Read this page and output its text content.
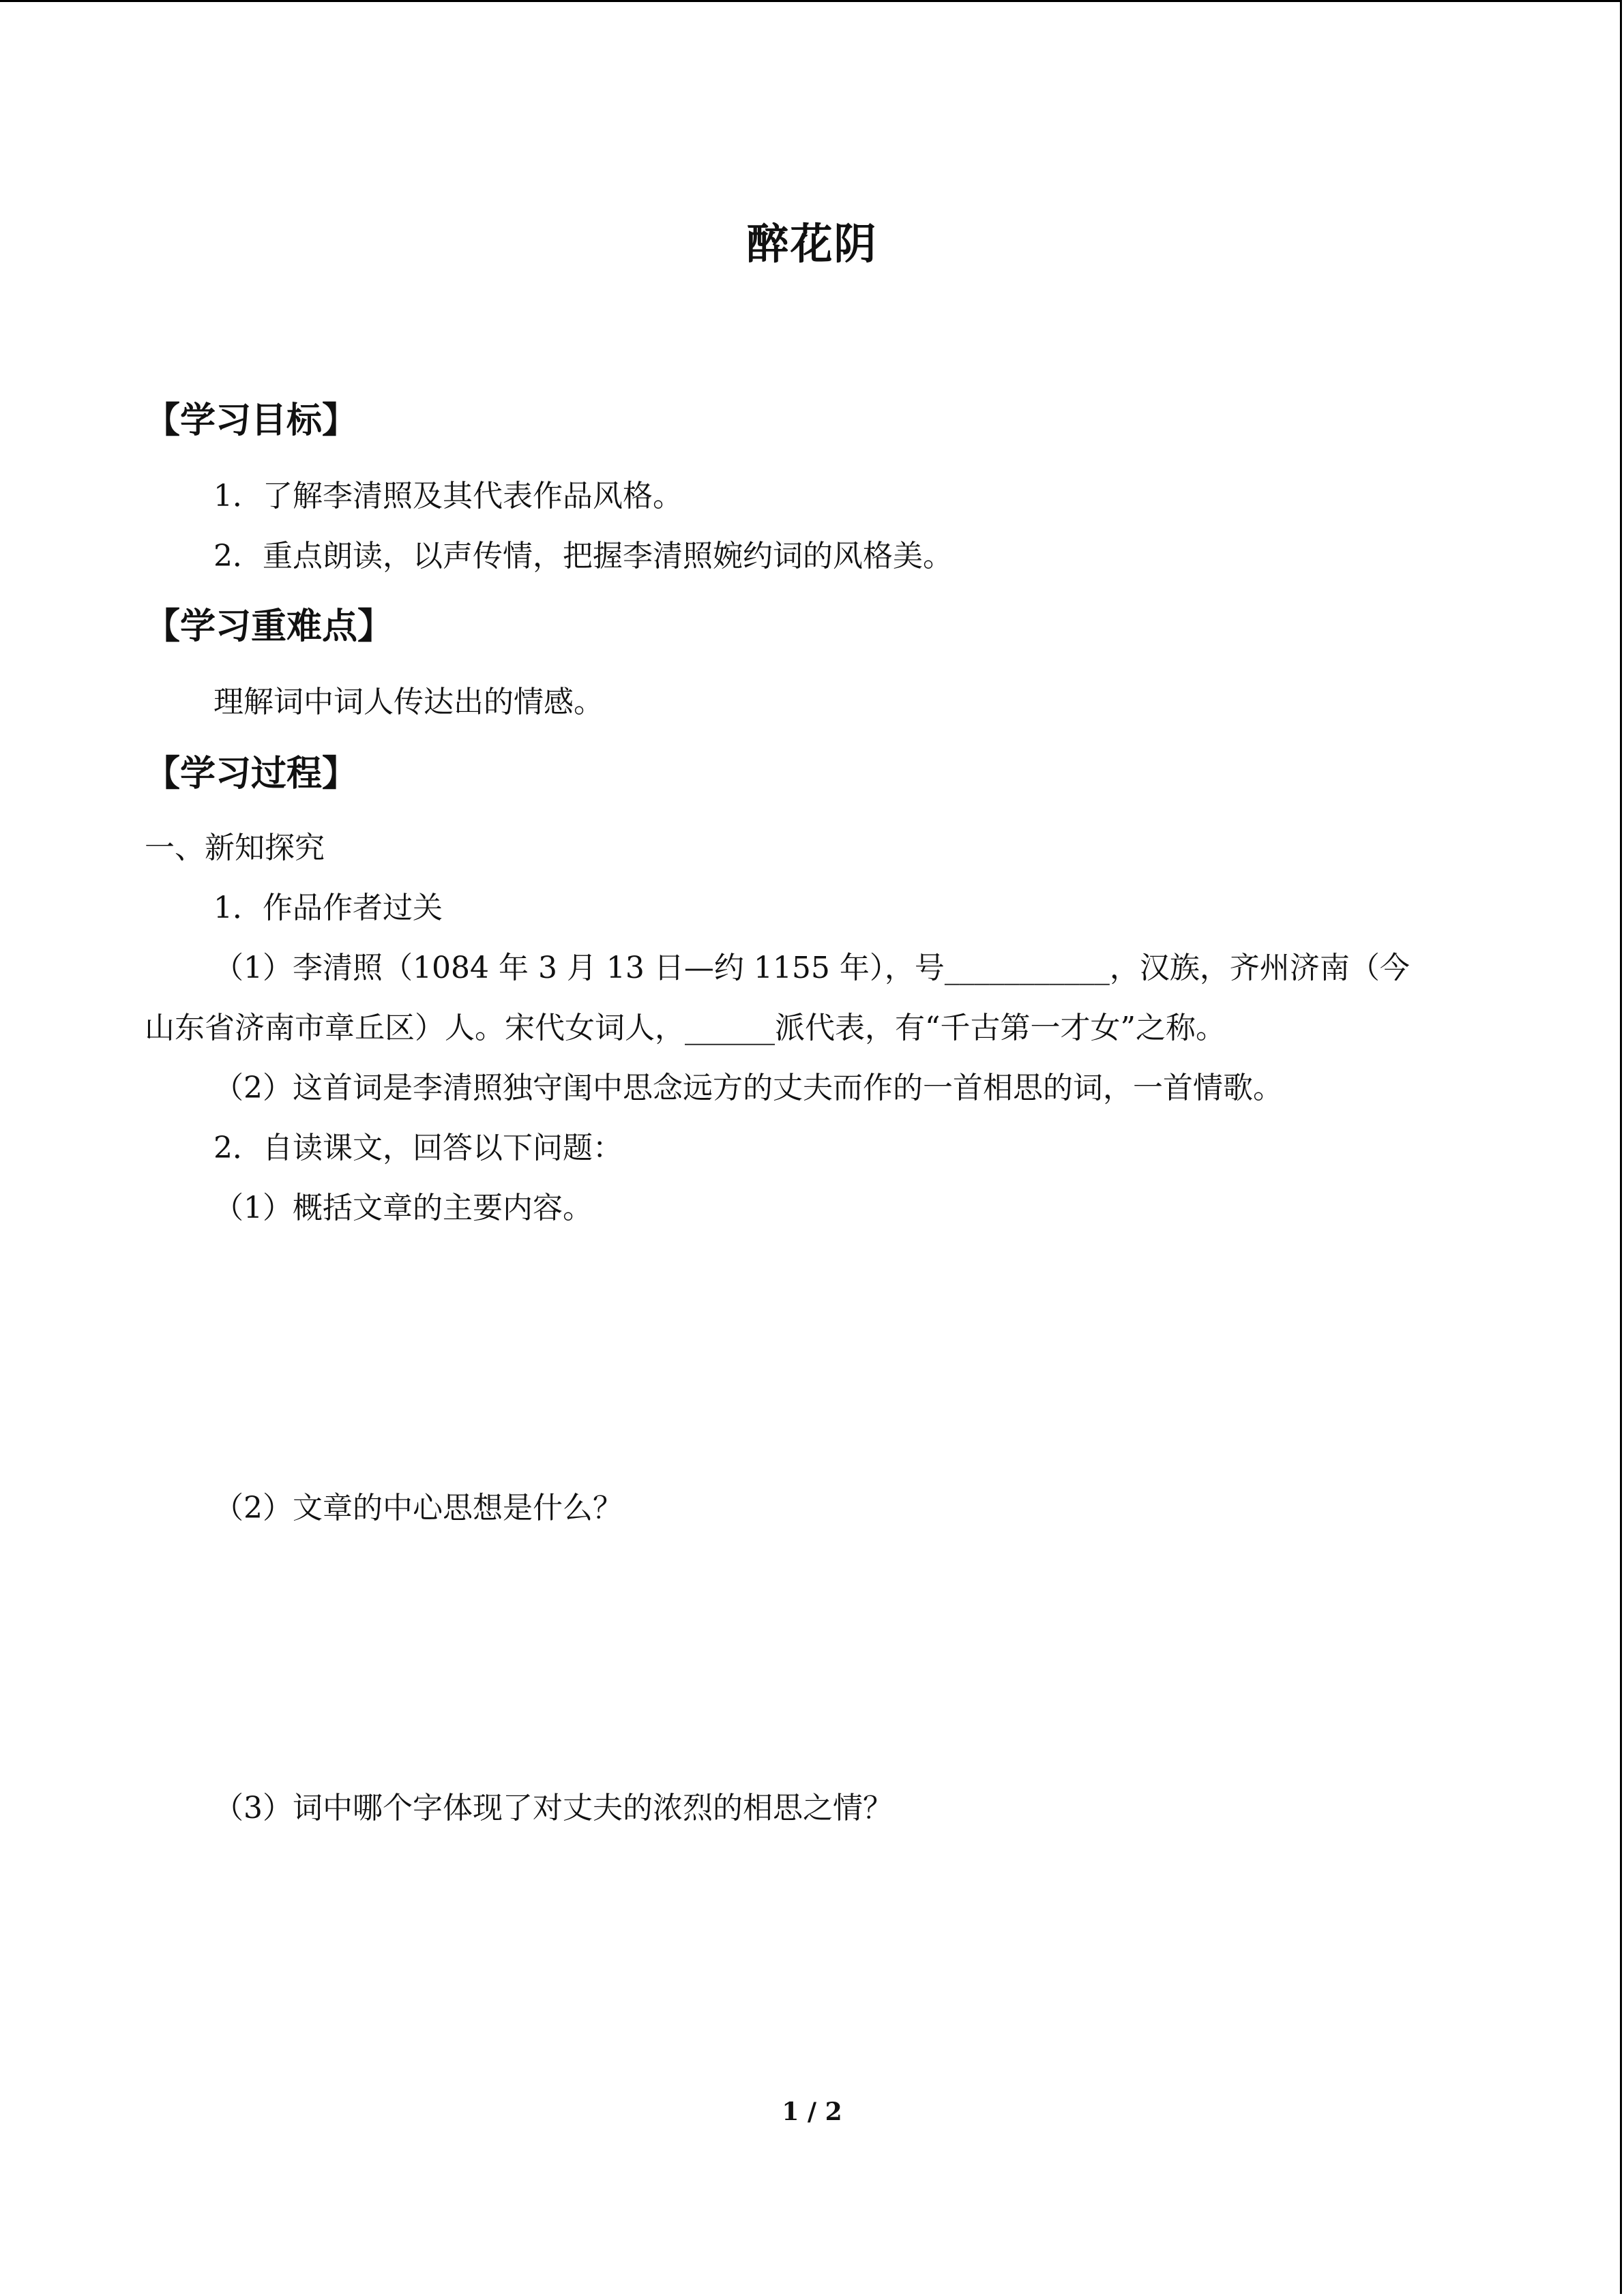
醉花阴
【学习目标】
1．了解李清照及其代表作品风格。
2．重点朗读，以声传情，把握李清照婉约词的风格美。
【学习重难点】
理解词中词人传达出的情感。
【学习过程】
一、新知探究
1．作品作者过关
（1）李清照（1084 年 3 月 13 日—约 1155 年），号___________，汉族，齐州济南（今
山东省济南市章丘区）人。宋代女词人，______派代表，有“千古第一才女”之称。
（2）这首词是李清照独守闺中思念远方的丈夫而作的一首相思的词，一首情歌。
2．自读课文，回答以下问题：
（1）概括文章的主要内容。
（2）文章的中心思想是什么？
（3）词中哪个字体现了对丈夫的浓烈的相思之情？
1 / 2
